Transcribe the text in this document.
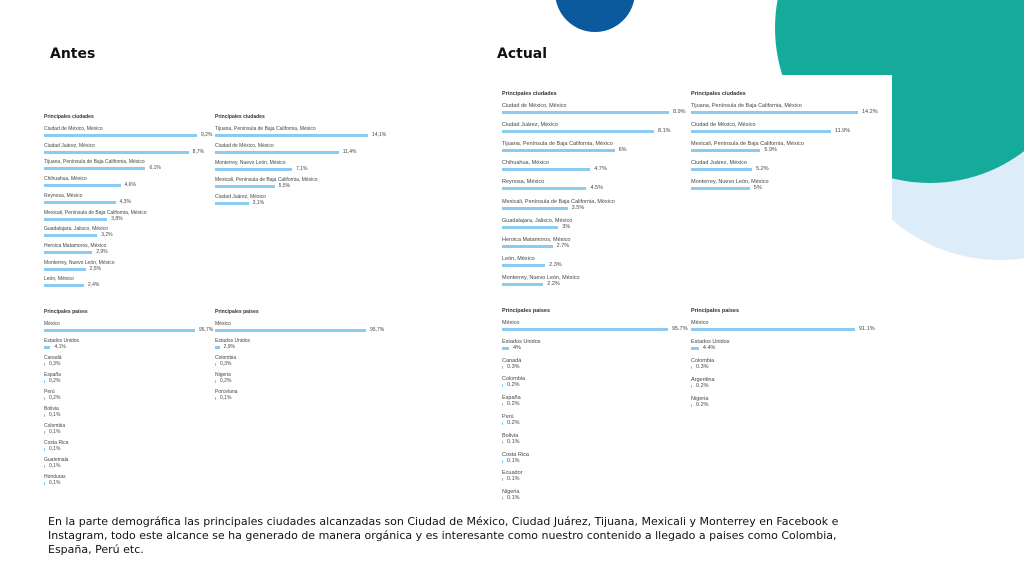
Antes	Actual
Principales ciudades
Ciudad de México, México
9,2%
Ciudad Juárez, México
8,7%
Tijuana, Península de Baja California, México
6,1%
Chihuahua, México
4,6%
Reynosa, México
4,3%
Mexicali, Península de Baja California, México
3,8%
Guadalajara, Jalisco, México
3,2%
Heroica Matamoros, México
2,9%
Monterrey, Nuevo León, México
2,5%
León, México
2,4%
Principales ciudades
Tijuana, Península de Baja California, México
14,1%
Ciudad de México, México
11,4%
Monterrey, Nuevo León, México
7,1%
Mexicali, Península de Baja California, México
5,5%
Ciudad Juárez, México
3,1%
Principales países
México
95,7%
Estados Unidos
4,1%
Canadá
0,3%
España
0,2%
Perú
0,2%
Bolivia
0,1%
Colombia
0,1%
Costa Rica
0,1%
Guatemala
0,1%
Honduras
0,1%
Principales países
México
95,7%
Estados Unidos
2,9%
Colombia
0,3%
Nigeria
0,2%
Porcelana
0,1%
Principales ciudades
Ciudad de México, México
8.9%
Ciudad Juárez, México
8.1%
Tijuana, Península de Baja California, México
6%
Chihuahua, México
4.7%
Reynosa, México
4.5%
Mexicali, Península de Baja California, México
3.5%
Guadalajara, Jalisco, México
3%
Heroica Matamoros, México
2.7%
León, México
2.3%
Monterrey, Nuevo León, México
2.2%
Principales ciudades
Tijuana, Península de Baja California, México
14.2%
Ciudad de México, México
11.9%
Mexicali, Península de Baja California, México
5.9%
Ciudad Juárez, México
5.2%
Monterrey, Nuevo León, México
5%
Principales países
México
95.7%
Estados Unidos
4%
Canadá
0.3%
Colombia
0.2%
España
0.2%
Perú
0.2%
Bolivia
0.1%
Costa Rica
0.1%
Ecuador
0.1%
Nigeria
0.1%
Principales países
México
91.1%
Estados Unidos
4.4%
Colombia
0.3%
Argentina
0.2%
Nigeria
0.2%

En la parte demográfica las principales ciudades alcanzadas son Ciudad de México, Ciudad Juárez, Tijuana, Mexicali y Monterrey en Facebook e Instagram, todo este alcance se ha generado de manera orgánica y es interesante como nuestro contenido a llegado a paises como Colombia, España, Perú etc.
